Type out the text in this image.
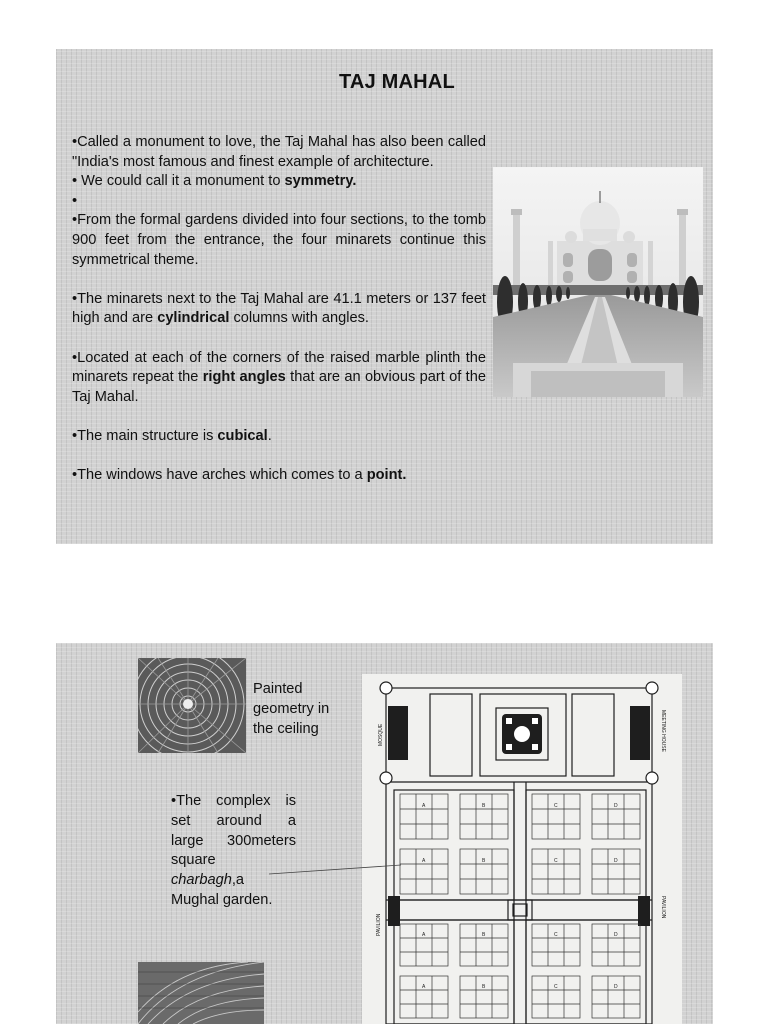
TAJ MAHAL

•Called a monument to love, the Taj Mahal has also been called "India's most famous and finest example of architecture.

• We could call it a monument to symmetry.

•

•From the formal gardens divided into four sections, to the tomb 900 feet from the entrance, the four minarets continue this symmetrical theme.

•The minarets next to the Taj Mahal are 41.1 meters or 137 feet high and are cylindrical columns with angles.

•Located at each of the corners of the raised marble plinth the minarets repeat the right angles that are an obvious part of the Taj Mahal.

•The main structure is cubical.

•The windows have arches which comes to a point.

Painted
geometry in
the ceiling
•The complex is
set around a
large 300meters
square
charbagh,a
Mughal garden.
A	B
A	B
C	D
C	D
A	B
A	B
C	D
C	D
MOSQUE	MEETING HOUSE
PAVILION
PAVILION
